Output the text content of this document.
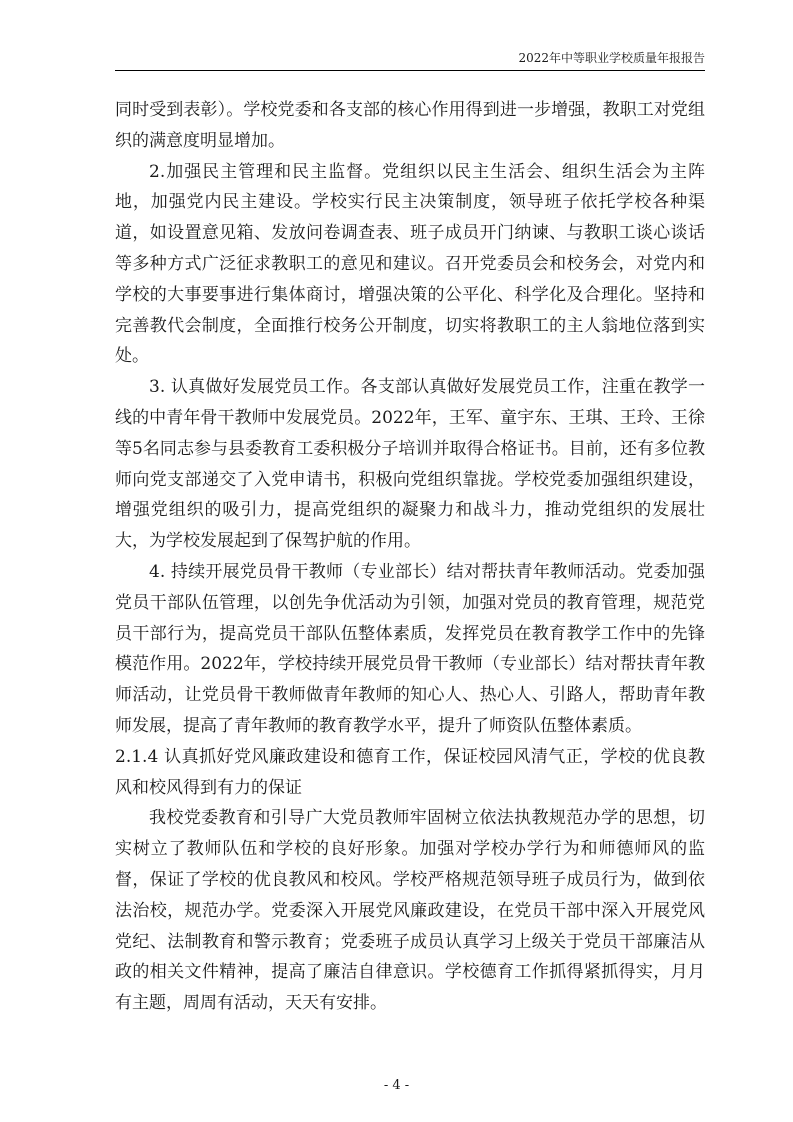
2022年中等职业学校质量年报报告

同时受到表彰）。学校党委和各支部的核心作用得到进一步增强，教职工对党组织的满意度明显增加。

2.加强民主管理和民主监督。党组织以民主生活会、组织生活会为主阵地，加强党内民主建设。学校实行民主决策制度，领导班子依托学校各种渠道，如设置意见箱、发放问卷调查表、班子成员开门纳谏、与教职工谈心谈话等多种方式广泛征求教职工的意见和建议。召开党委员会和校务会，对党内和学校的大事要事进行集体商讨，增强决策的公平化、科学化及合理化。坚持和完善教代会制度，全面推行校务公开制度，切实将教职工的主人翁地位落到实处。

3. 认真做好发展党员工作。各支部认真做好发展党员工作，注重在教学一线的中青年骨干教师中发展党员。2022年，王军、童宇东、王琪、王玲、王徐等5名同志参与县委教育工委积极分子培训并取得合格证书。目前，还有多位教师向党支部递交了入党申请书，积极向党组织靠拢。学校党委加强组织建设，增强党组织的吸引力，提高党组织的凝聚力和战斗力，推动党组织的发展壮大，为学校发展起到了保驾护航的作用。

4. 持续开展党员骨干教师（专业部长）结对帮扶青年教师活动。党委加强党员干部队伍管理，以创先争优活动为引领，加强对党员的教育管理，规范党员干部行为，提高党员干部队伍整体素质，发挥党员在教育教学工作中的先锋模范作用。2022年，学校持续开展党员骨干教师（专业部长）结对帮扶青年教师活动，让党员骨干教师做青年教师的知心人、热心人、引路人，帮助青年教师发展，提高了青年教师的教育教学水平，提升了师资队伍整体素质。

2.1.4 认真抓好党风廉政建设和德育工作，保证校园风清气正，学校的优良教风和校风得到有力的保证

我校党委教育和引导广大党员教师牢固树立依法执教规范办学的思想，切实树立了教师队伍和学校的良好形象。加强对学校办学行为和师德师风的监督，保证了学校的优良教风和校风。学校严格规范领导班子成员行为，做到依法治校，规范办学。党委深入开展党风廉政建设，在党员干部中深入开展党风党纪、法制教育和警示教育；党委班子成员认真学习上级关于党员干部廉洁从政的相关文件精神，提高了廉洁自律意识。学校德育工作抓得紧抓得实，月月有主题，周周有活动，天天有安排。

- 4 -
